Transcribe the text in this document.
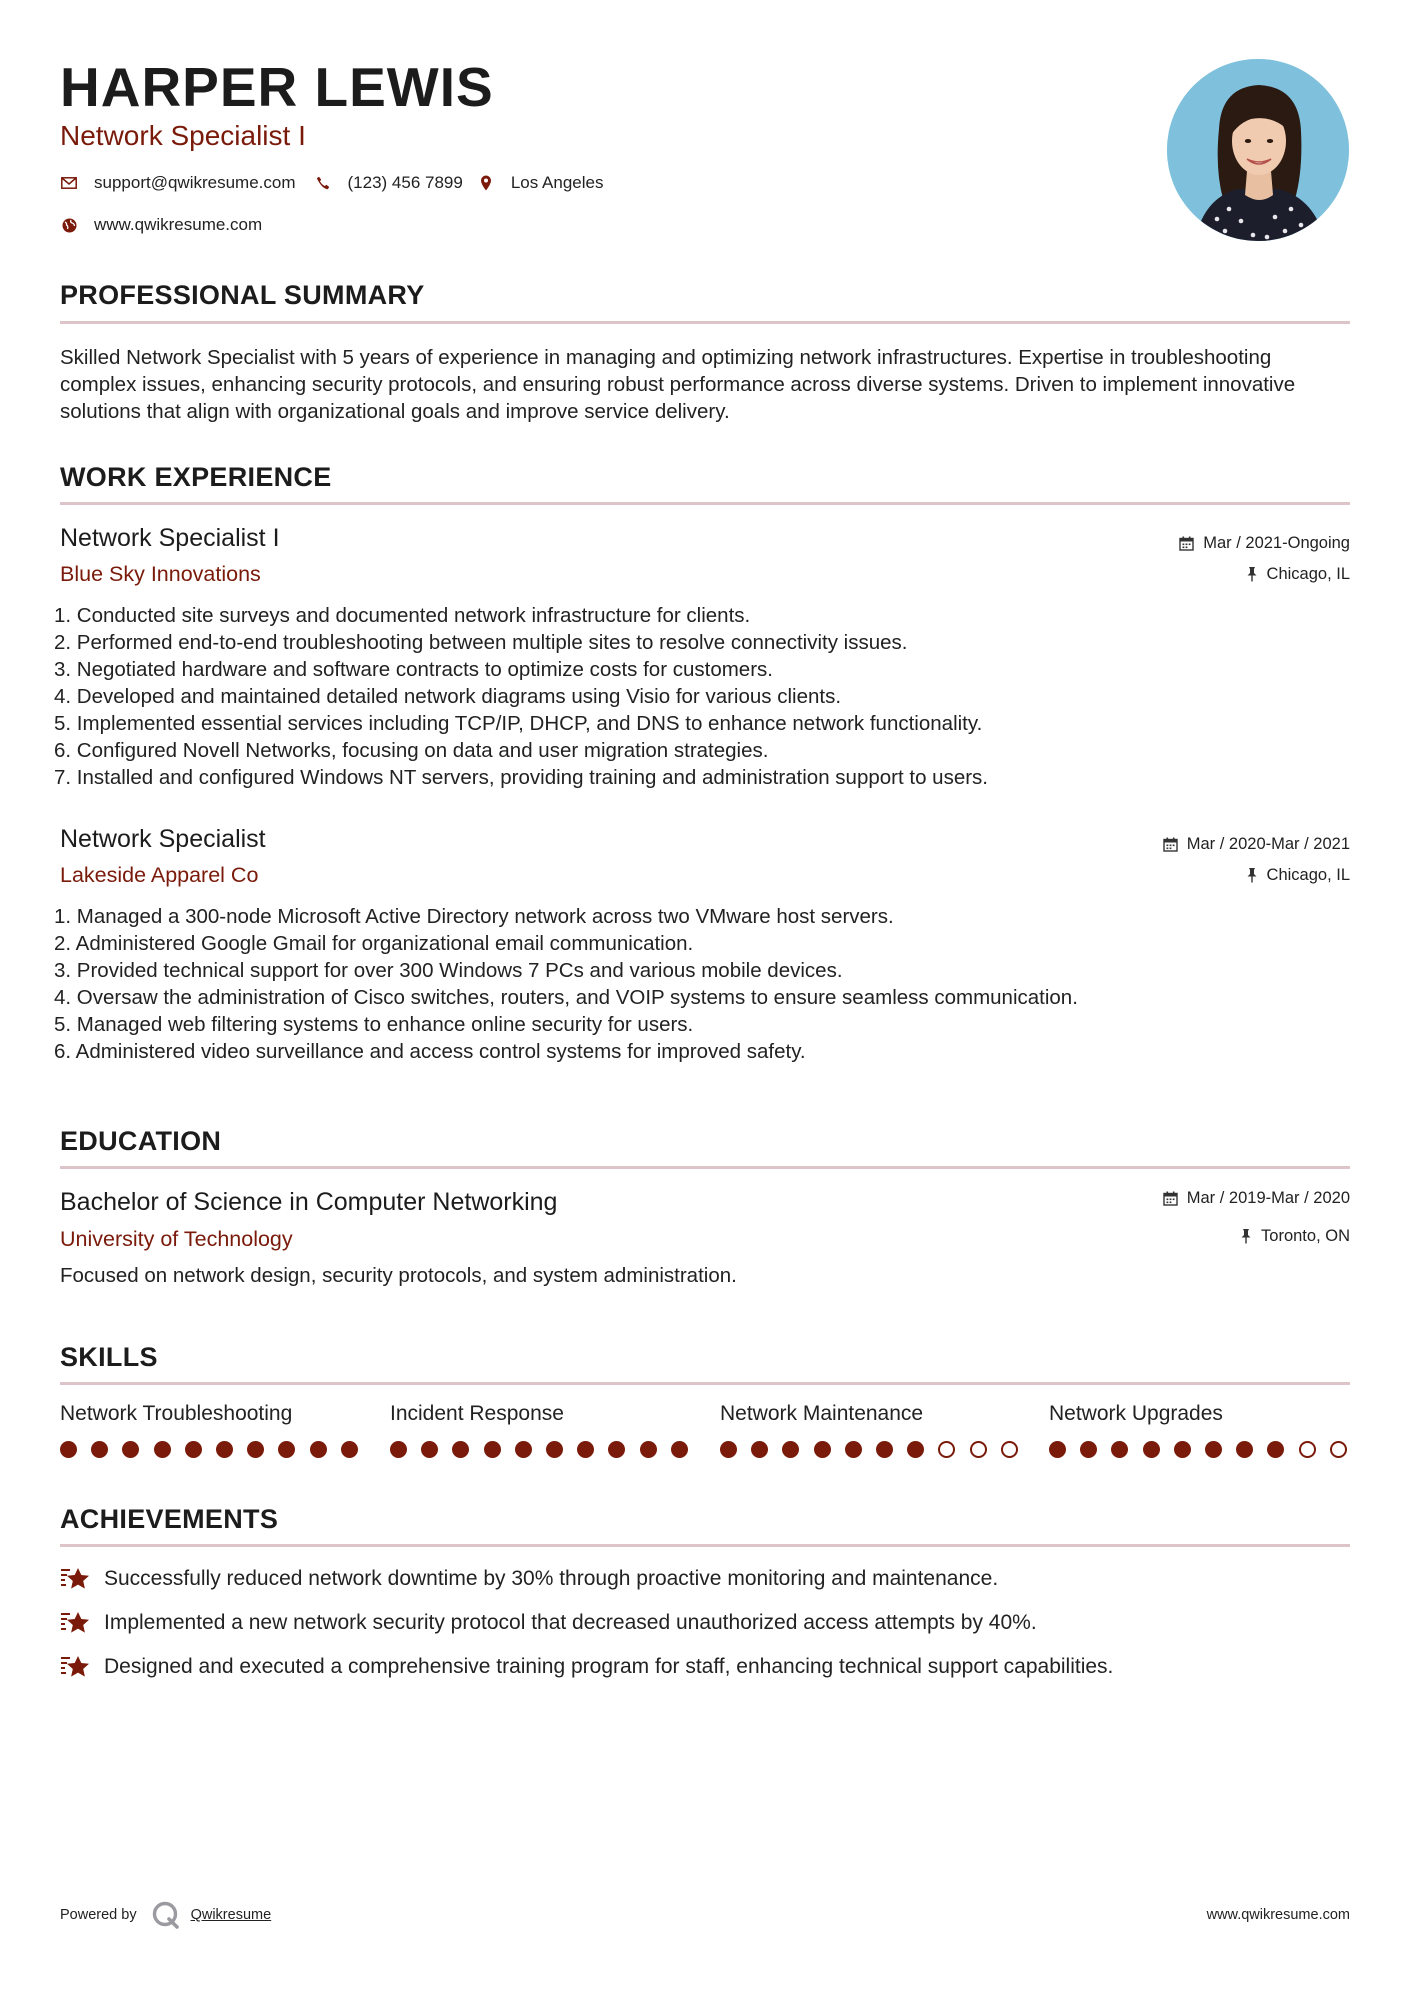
HARPER LEWIS
Network Specialist I
support@qwikresume.com	(123) 456 7899	Los Angeles
www.qwikresume.com
PROFESSIONAL SUMMARY

Skilled Network Specialist with 5 years of experience in managing and optimizing network infrastructures. Expertise in troubleshooting complex issues, enhancing security protocols, and ensuring robust performance across diverse systems. Driven to implement innovative solutions that align with organizational goals and improve service delivery.

WORK EXPERIENCE
Network Specialist I
Blue Sky Innovations
Mar / 2021-Ongoing
Chicago, IL
1. Conducted site surveys and documented network infrastructure for clients.
2. Performed end-to-end troubleshooting between multiple sites to resolve connectivity issues.
3. Negotiated hardware and software contracts to optimize costs for customers.
4. Developed and maintained detailed network diagrams using Visio for various clients.
5. Implemented essential services including TCP/IP, DHCP, and DNS to enhance network functionality.
6. Configured Novell Networks, focusing on data and user migration strategies.
7. Installed and configured Windows NT servers, providing training and administration support to users.
Network Specialist
Lakeside Apparel Co
Mar / 2020-Mar / 2021
Chicago, IL
1. Managed a 300-node Microsoft Active Directory network across two VMware host servers.
2. Administered Google Gmail for organizational email communication.
3. Provided technical support for over 300 Windows 7 PCs and various mobile devices.
4. Oversaw the administration of Cisco switches, routers, and VOIP systems to ensure seamless communication.
5. Managed web filtering systems to enhance online security for users.
6. Administered video surveillance and access control systems for improved safety.
EDUCATION
Bachelor of Science in Computer Networking
University of Technology
Mar / 2019-Mar / 2020
Toronto, ON

Focused on network design, security protocols, and system administration.

SKILLS
Network Troubleshooting	Incident Response	Network Maintenance	Network Upgrades
ACHIEVEMENTS
Successfully reduced network downtime by 30% through proactive monitoring and maintenance.
Implemented a new network security protocol that decreased unauthorized access attempts by 40%.
Designed and executed a comprehensive training program for staff, enhancing technical support capabilities.
Powered by	Qwikresume	www.qwikresume.com
